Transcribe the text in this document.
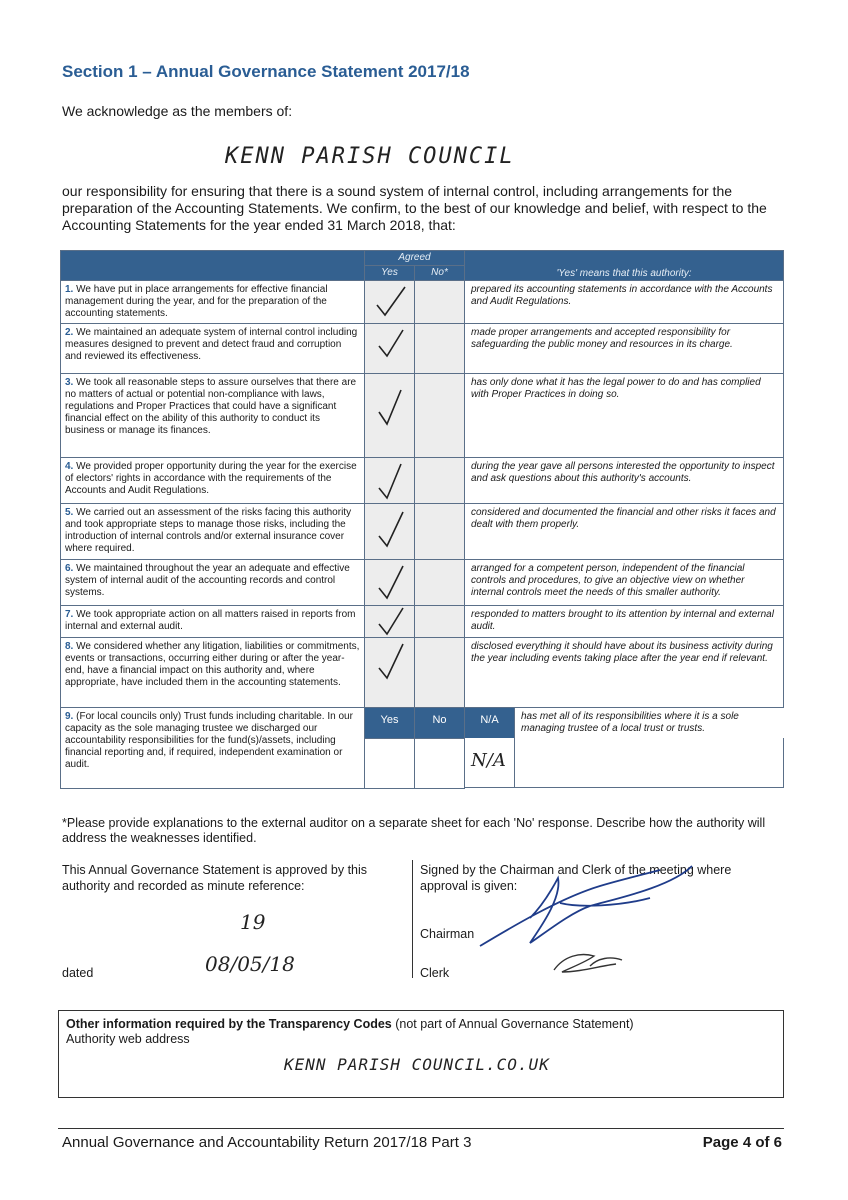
Section 1 – Annual Governance Statement 2017/18
We acknowledge as the members of:
KENN PARISH COUNCIL
our responsibility for ensuring that there is a sound system of internal control, including arrangements for the preparation of the Accounting Statements. We confirm, to the best of our knowledge and belief, with respect to the Accounting Statements for the year ended 31 March 2018, that:
	Agreed		'Yes' means that this authority:
	Yes	No*	
1. We have put in place arrangements for effective financial management during the year, and for the preparation of the accounting statements.			prepared its accounting statements in accordance with the Accounts and Audit Regulations.
2. We maintained an adequate system of internal control including measures designed to prevent and detect fraud and corruption and reviewed its effectiveness.			made proper arrangements and accepted responsibility for safeguarding the public money and resources in its charge.
3. We took all reasonable steps to assure ourselves that there are no matters of actual or potential non-compliance with laws, regulations and Proper Practices that could have a significant financial effect on the ability of this authority to conduct its business or manage its finances.			has only done what it has the legal power to do and has complied with Proper Practices in doing so.
4. We provided proper opportunity during the year for the exercise of electors' rights in accordance with the requirements of the Accounts and Audit Regulations.			during the year gave all persons interested the opportunity to inspect and ask questions about this authority's accounts.
5. We carried out an assessment of the risks facing this authority and took appropriate steps to manage those risks, including the introduction of internal controls and/or external insurance cover where required.			considered and documented the financial and other risks it faces and dealt with them properly.
6. We maintained throughout the year an adequate and effective system of internal audit of the accounting records and control systems.			arranged for a competent person, independent of the financial controls and procedures, to give an objective view on whether internal controls meet the needs of this smaller authority.
7. We took appropriate action on all matters raised in reports from internal and external audit.			responded to matters brought to its attention by internal and external audit.
8. We considered whether any litigation, liabilities or commitments, events or transactions, occurring either during or after the year-end, have a financial impact on this authority and, where appropriate, have included them in the accounting statements.			disclosed everything it should have about its business activity during the year including events taking place after the year end if relevant.
9. (For local councils only) Trust funds including charitable. In our capacity as the sole managing trustee we discharged our accountability responsibilities for the fund(s)/assets, including financial reporting and, if required, independent examination or audit.	Yes	No	N/A has met all of its responsibilities where it is a sole managing trustee of a local trust or trusts.

			N/A
*Please provide explanations to the external auditor on a separate sheet for each 'No' response. Describe how the authority will address the weaknesses identified.
This Annual Governance Statement is approved by this authority and recorded as minute reference:
19
dated	08/05/18
Signed by the Chairman and Clerk of the meeting where approval is given:
Chairman
Clerk
Other information required by the Transparency Codes (not part of Annual Governance Statement)
Authority web address
KENN PARISH COUNCIL.CO.UK
Annual Governance and Accountability Return 2017/18 Part 3	Page 4 of 6
